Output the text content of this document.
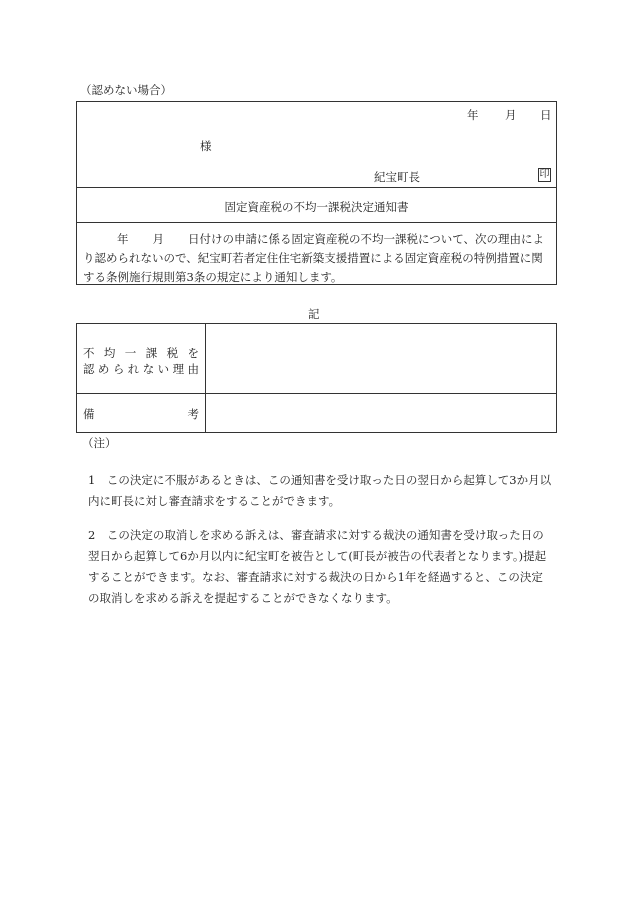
（認めない場合）
年 月 日
様
紀宝町長	印
固定資産税の不均一課税決定通知書
年 月 日付けの申請に係る固定資産税の不均一課税について、次の理由により認められないので、紀宝町若者定住住宅新築支援措置による固定資産税の特例措置に関する条例施行規則第3条の規定により通知します。
記
不均一課税を
認められない理由
備考
（注）
1　この決定に不服があるときは、この通知書を受け取った日の翌日から起算して3か月以内に町長に対し審査請求をすることができます。
2　この決定の取消しを求める訴えは、審査請求に対する裁決の通知書を受け取った日の翌日から起算して6か月以内に紀宝町を被告として(町長が被告の代表者となります。)提起することができます。なお、審査請求に対する裁決の日から1年を経過すると、この決定の取消しを求める訴えを提起することができなくなります。
